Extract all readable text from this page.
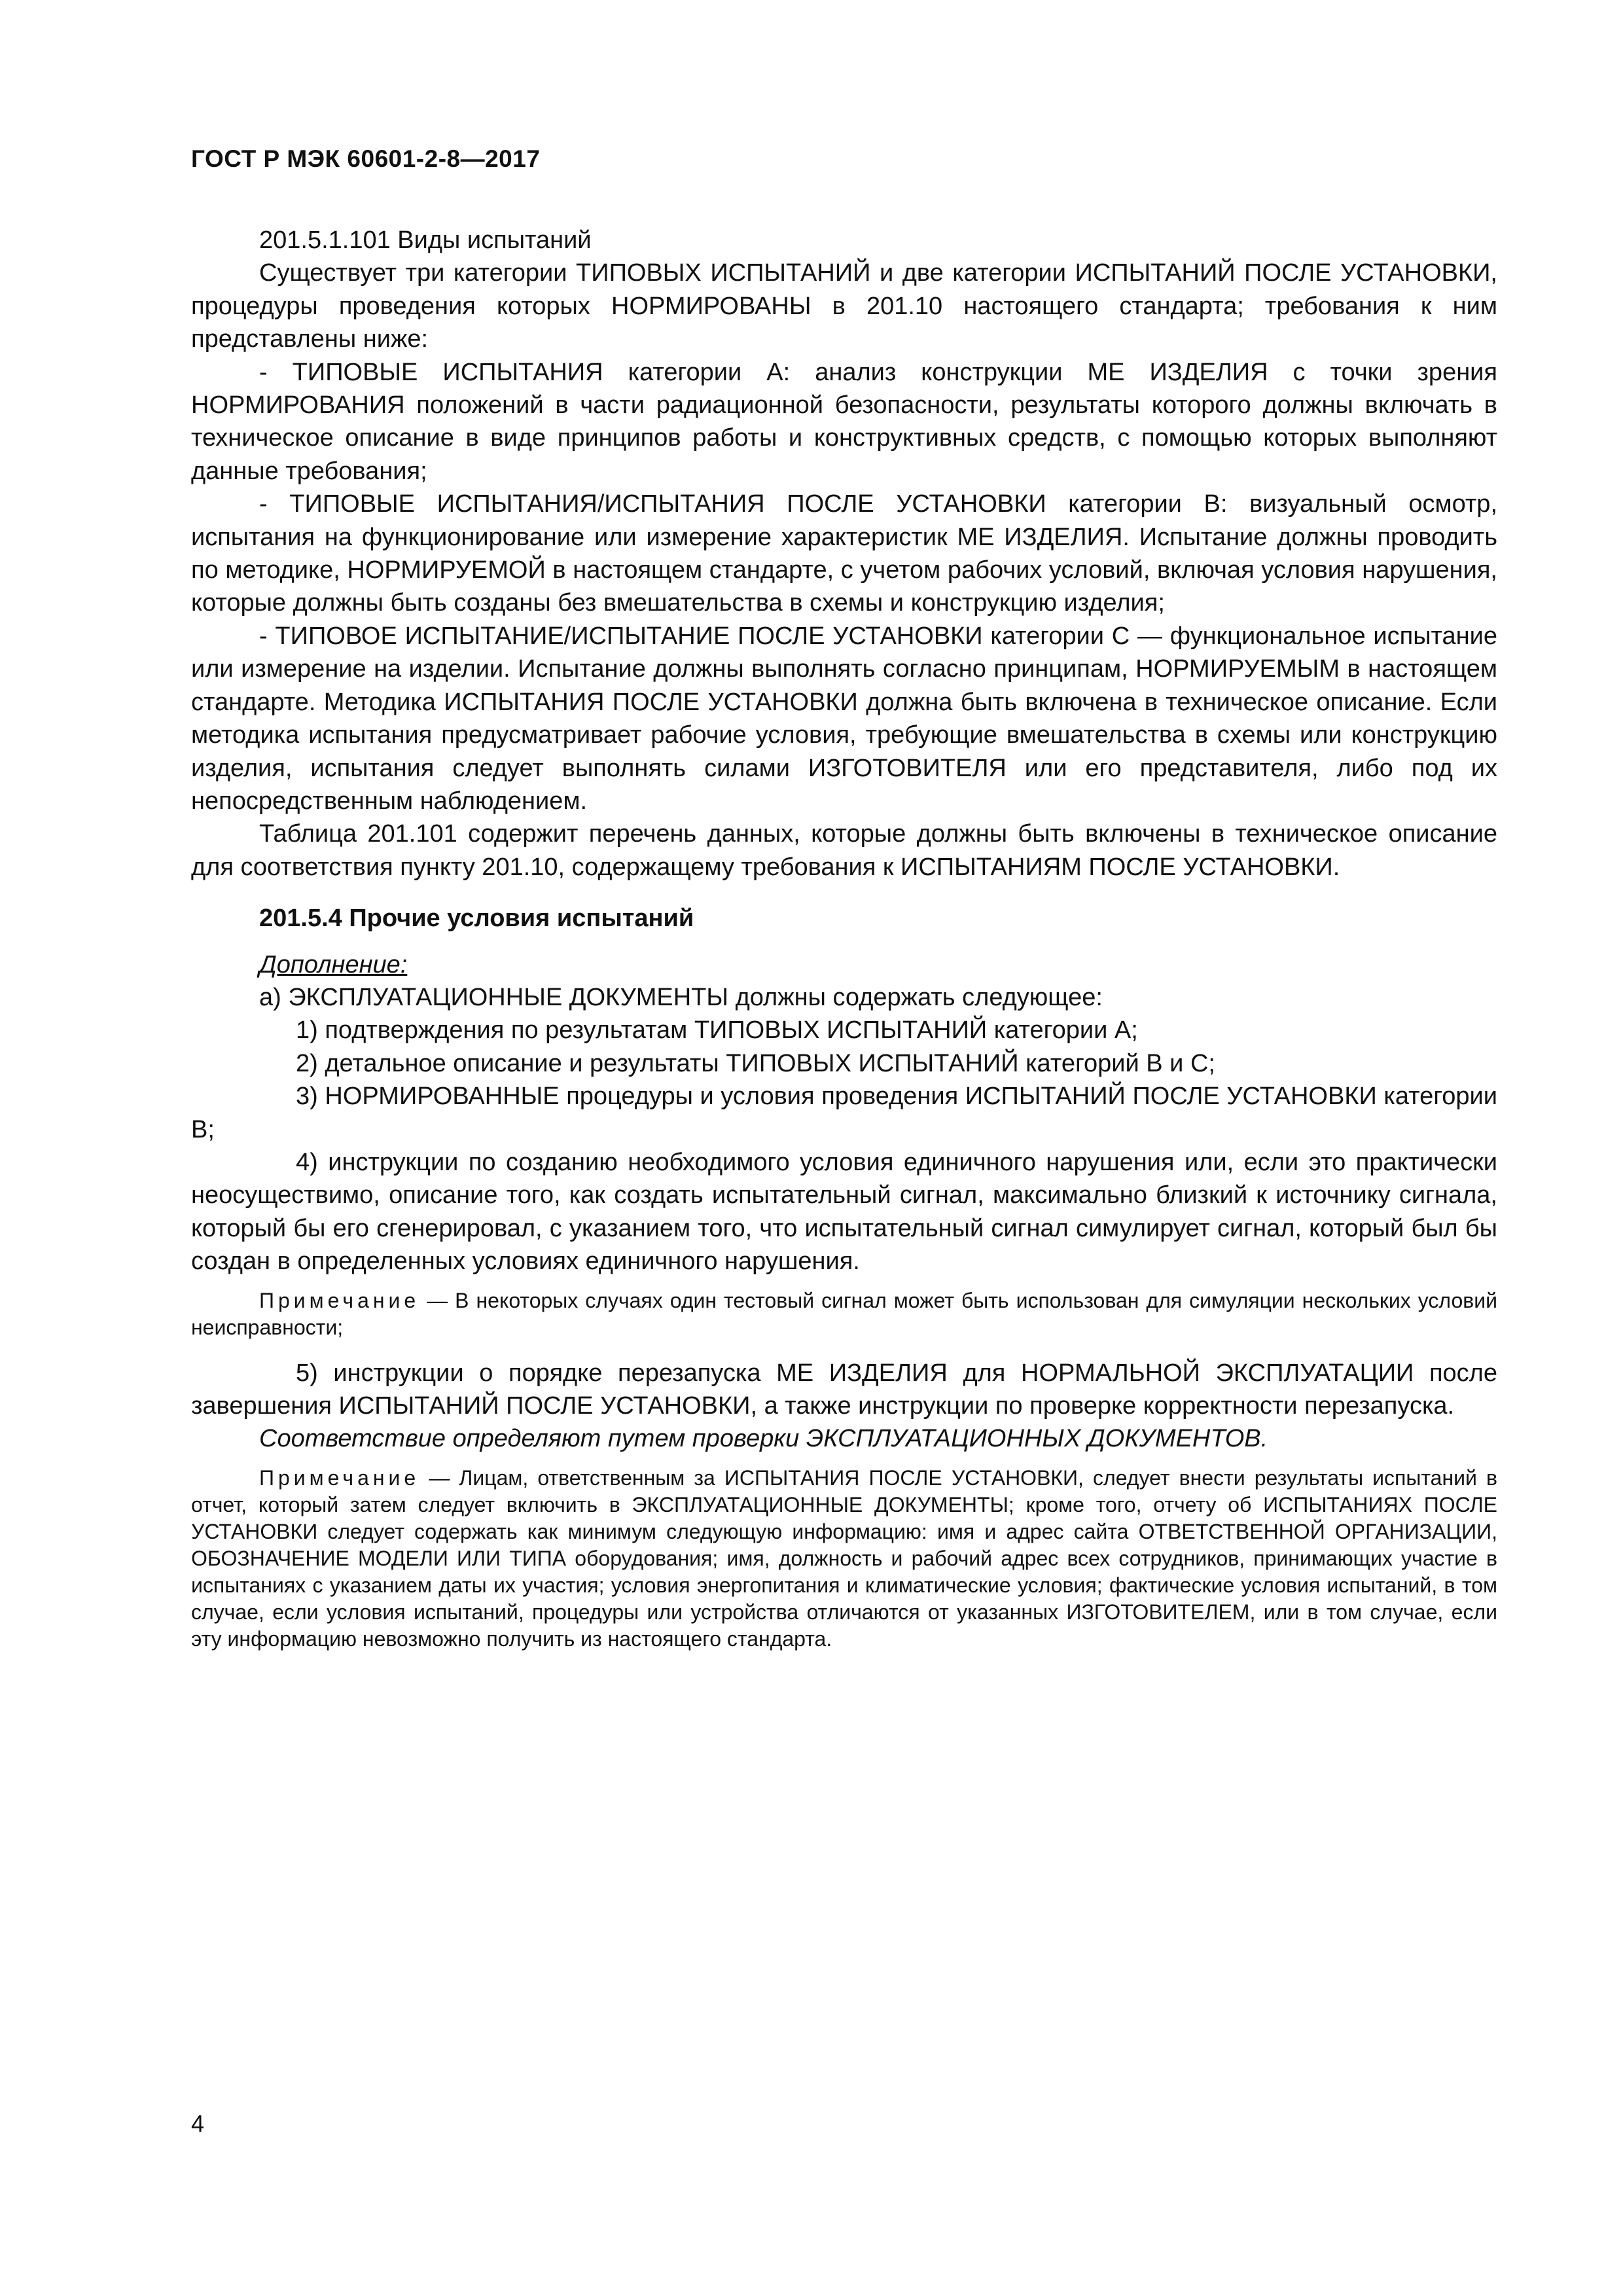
ГОСТ Р МЭК 60601-2-8—2017

201.5.1.101 Виды испытаний

Существует три категории ТИПОВЫХ ИСПЫТАНИЙ и две категории ИСПЫТАНИЙ ПОСЛЕ УСТАНОВКИ, процедуры проведения которых НОРМИРОВАНЫ в 201.10 настоящего стандарта; требования к ним представлены ниже:

- ТИПОВЫЕ ИСПЫТАНИЯ категории А: анализ конструкции МЕ ИЗДЕЛИЯ с точки зрения НОРМИРОВАНИЯ положений в части радиационной безопасности, результаты которого должны включать в техническое описание в виде принципов работы и конструктивных средств, с помощью которых выполняют данные требования;

- ТИПОВЫЕ ИСПЫТАНИЯ/ИСПЫТАНИЯ ПОСЛЕ УСТАНОВКИ категории В: визуальный осмотр, испытания на функционирование или измерение характеристик МЕ ИЗДЕЛИЯ. Испытание должны проводить по методике, НОРМИРУЕМОЙ в настоящем стандарте, с учетом рабочих условий, включая условия нарушения, которые должны быть созданы без вмешательства в схемы и конструкцию изделия;

- ТИПОВОЕ ИСПЫТАНИЕ/ИСПЫТАНИЕ ПОСЛЕ УСТАНОВКИ категории С — функциональное испытание или измерение на изделии. Испытание должны выполнять согласно принципам, НОРМИРУЕМЫМ в настоящем стандарте. Методика ИСПЫТАНИЯ ПОСЛЕ УСТАНОВКИ должна быть включена в техническое описание. Если методика испытания предусматривает рабочие условия, требующие вмешательства в схемы или конструкцию изделия, испытания следует выполнять силами ИЗГОТОВИТЕЛЯ или его представителя, либо под их непосредственным наблюдением.

Таблица 201.101 содержит перечень данных, которые должны быть включены в техническое описание для соответствия пункту 201.10, содержащему требования к ИСПЫТАНИЯМ ПОСЛЕ УСТАНОВКИ.

201.5.4 Прочие условия испытаний

Дополнение:

а) ЭКСПЛУАТАЦИОННЫЕ ДОКУМЕНТЫ должны содержать следующее:

1) подтверждения по результатам ТИПОВЫХ ИСПЫТАНИЙ категории А;

2) детальное описание и результаты ТИПОВЫХ ИСПЫТАНИЙ категорий В и С;

3) НОРМИРОВАННЫЕ процедуры и условия проведения ИСПЫТАНИЙ ПОСЛЕ УСТАНОВКИ категории В;

4) инструкции по созданию необходимого условия единичного нарушения или, если это практически неосуществимо, описание того, как создать испытательный сигнал, максимально близкий к источнику сигнала, который бы его сгенерировал, с указанием того, что испытательный сигнал симулирует сигнал, который был бы создан в определенных условиях единичного нарушения.

Примечание — В некоторых случаях один тестовый сигнал может быть использован для симуляции нескольких условий неисправности;

5) инструкции о порядке перезапуска МЕ ИЗДЕЛИЯ для НОРМАЛЬНОЙ ЭКСПЛУАТАЦИИ после завершения ИСПЫТАНИЙ ПОСЛЕ УСТАНОВКИ, а также инструкции по проверке корректности перезапуска.

Соответствие определяют путем проверки ЭКСПЛУАТАЦИОННЫХ ДОКУМЕНТОВ.

Примечание — Лицам, ответственным за ИСПЫТАНИЯ ПОСЛЕ УСТАНОВКИ, следует внести результаты испытаний в отчет, который затем следует включить в ЭКСПЛУАТАЦИОННЫЕ ДОКУМЕНТЫ; кроме того, отчету об ИСПЫТАНИЯХ ПОСЛЕ УСТАНОВКИ следует содержать как минимум следующую информацию: имя и адрес сайта ОТВЕТСТВЕННОЙ ОРГАНИЗАЦИИ, ОБОЗНАЧЕНИЕ МОДЕЛИ ИЛИ ТИПА оборудования; имя, должность и рабочий адрес всех сотрудников, принимающих участие в испытаниях с указанием даты их участия; условия энергопитания и климатические условия; фактические условия испытаний, в том случае, если условия испытаний, процедуры или устройства отличаются от указанных ИЗГОТОВИТЕЛЕМ, или в том случае, если эту информацию невозможно получить из настоящего стандарта.

4
